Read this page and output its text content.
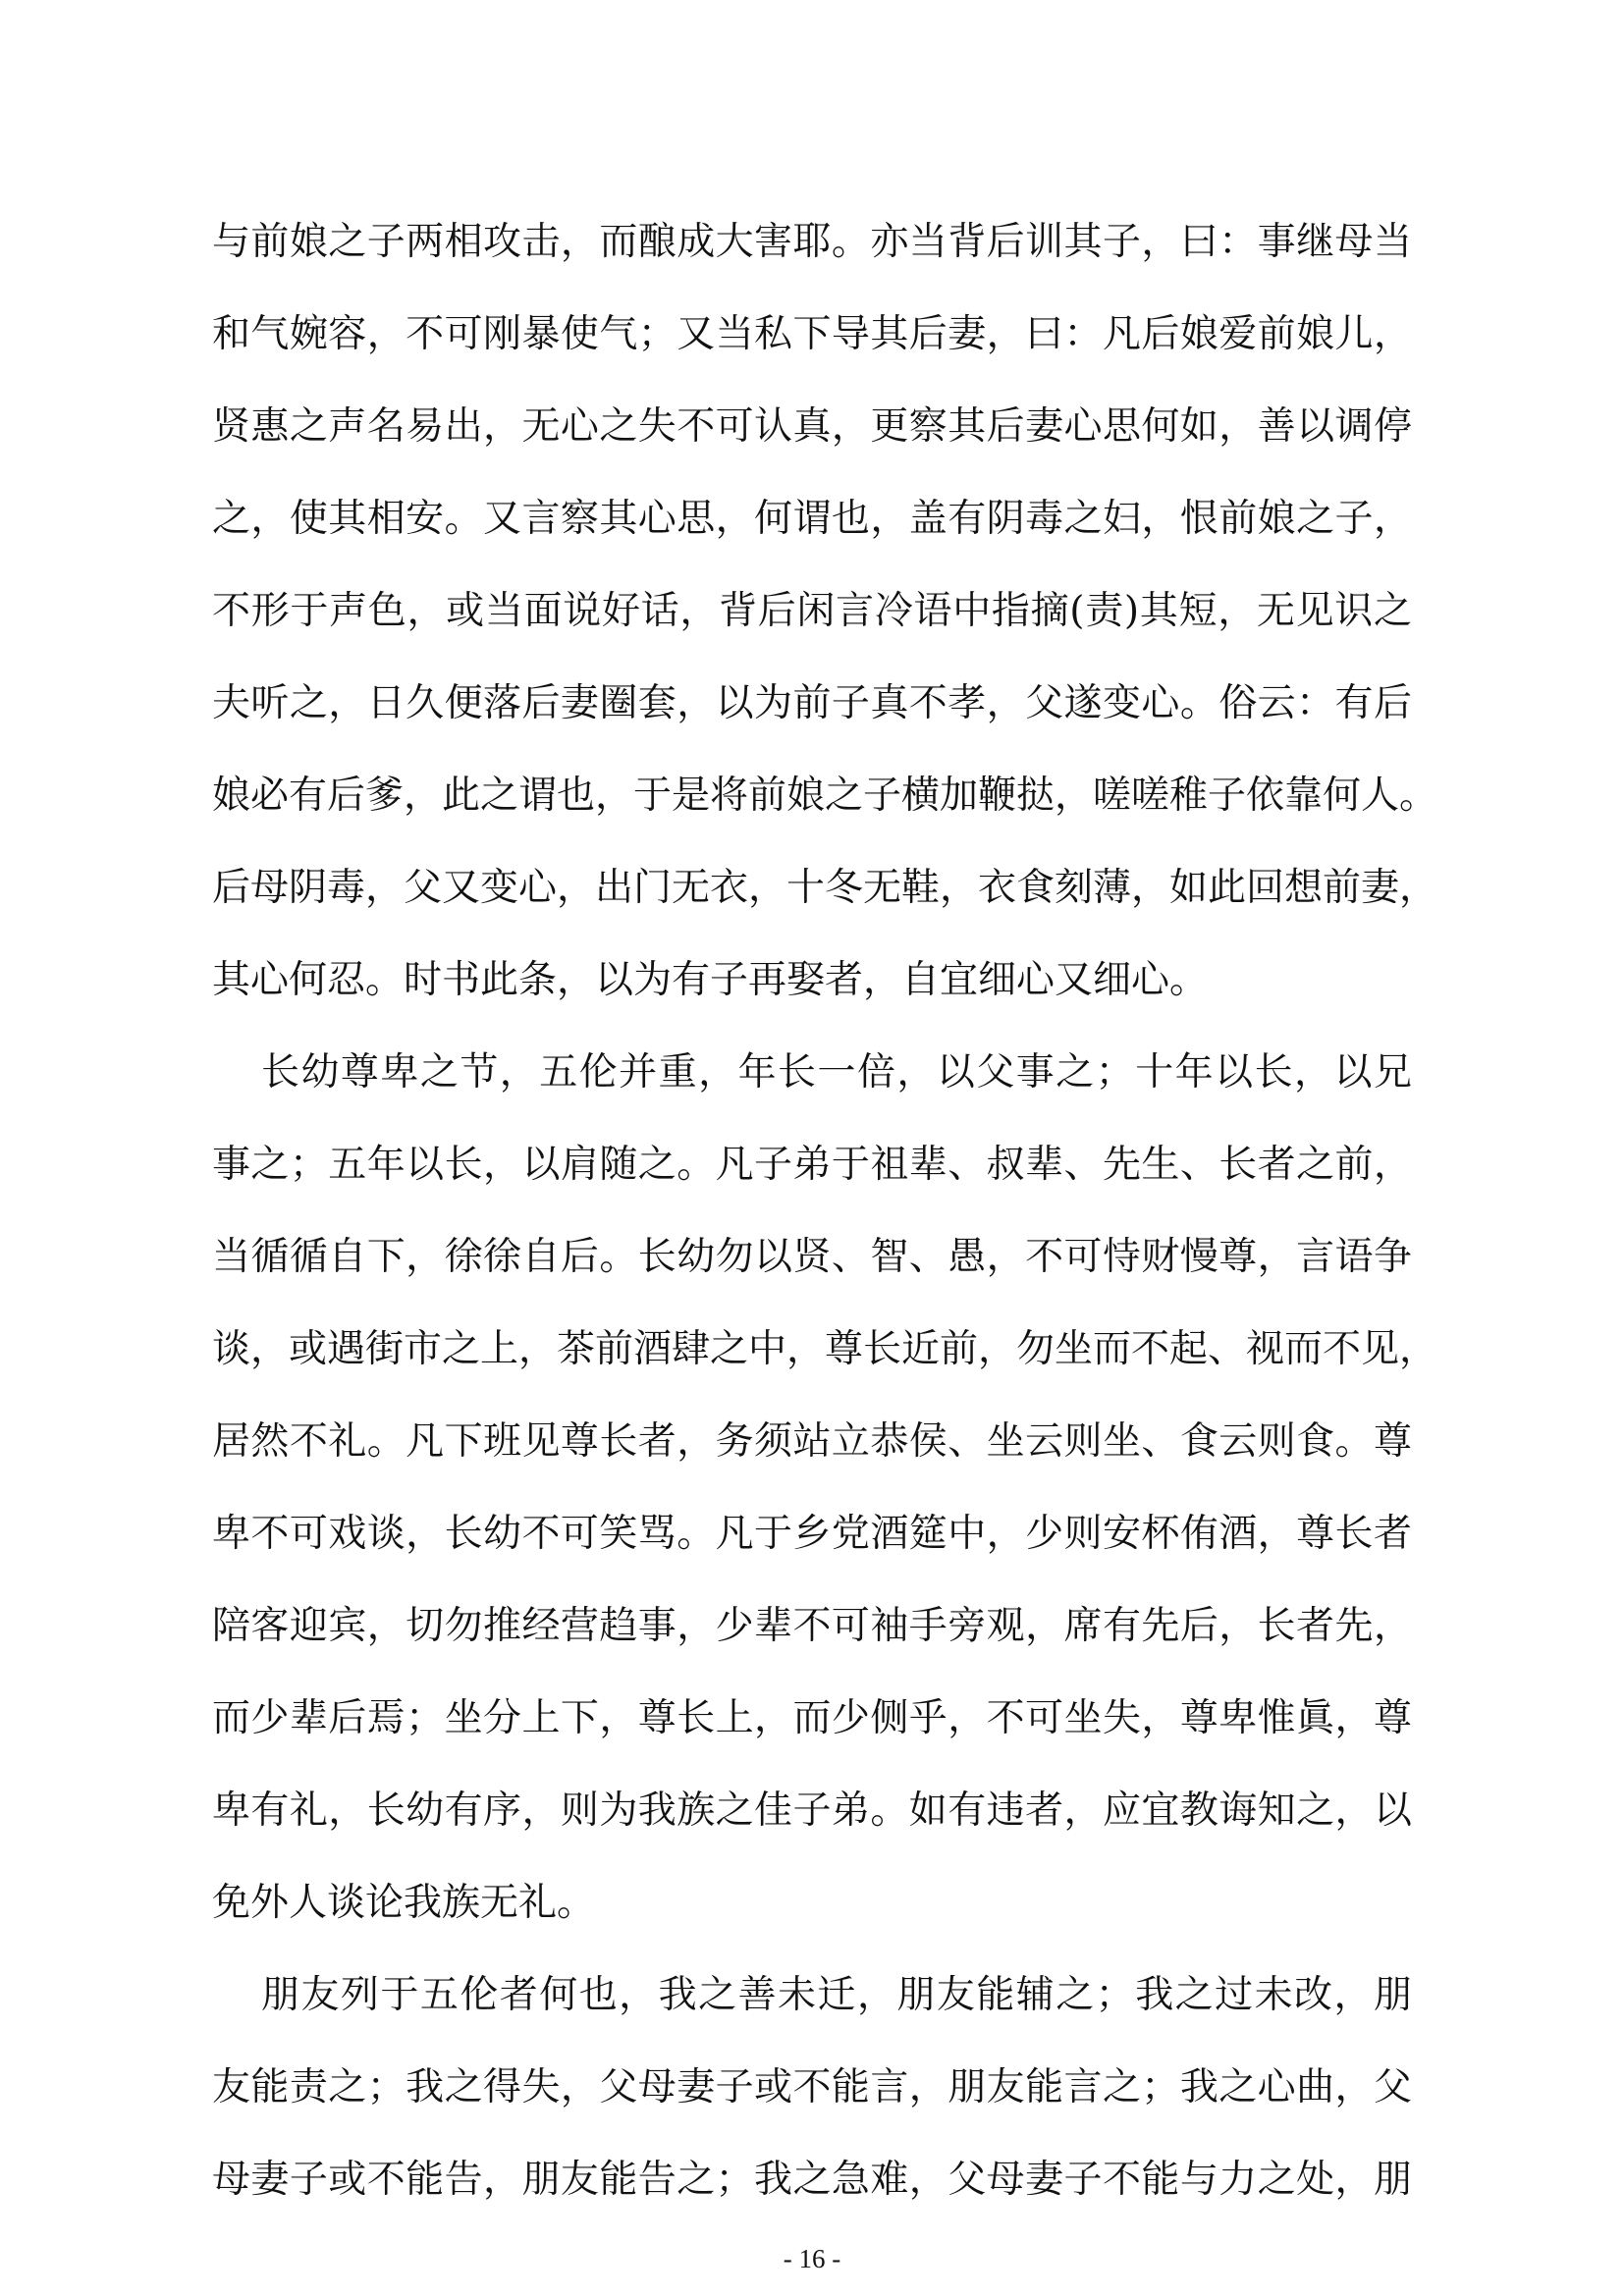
与前娘之子两相攻击，而酿成大害耶。亦当背后训其子，曰：事继母当
和气婉容，不可刚暴使气；又当私下导其后妻，曰：凡后娘爱前娘儿，
贤惠之声名易出，无心之失不可认真，更察其后妻心思何如，善以调停
之，使其相安。又言察其心思，何谓也，盖有阴毒之妇，恨前娘之子，
不形于声色，或当面说好话，背后闲言冷语中指摘(责)其短，无见识之
夫听之，日久便落后妻圈套，以为前子真不孝，父遂变心。俗云：有后
娘必有后爹，此之谓也，于是将前娘之子横加鞭挞，嗟嗟稚子依靠何人。
后母阴毒，父又变心，出门无衣，十冬无鞋，衣食刻薄，如此回想前妻，
其心何忍。时书此条，以为有子再娶者，自宜细心又细心。
长幼尊卑之节，五伦并重，年长一倍，以父事之；十年以长，以兄
事之；五年以长，以肩随之。凡子弟于祖辈、叔辈、先生、长者之前，
当循循自下，徐徐自后。长幼勿以贤、智、愚，不可恃财慢尊，言语争
谈，或遇街市之上，茶前酒肆之中，尊长近前，勿坐而不起、视而不见，
居然不礼。凡下班见尊长者，务须站立恭侯、坐云则坐、食云则食。尊
卑不可戏谈，长幼不可笑骂。凡于乡党酒筵中，少则安杯侑酒，尊长者
陪客迎宾，切勿推经营趋事，少辈不可袖手旁观，席有先后，长者先，
而少辈后焉；坐分上下，尊长上，而少侧乎，不可坐失，尊卑惟眞，尊
卑有礼，长幼有序，则为我族之佳子弟。如有违者，应宜教诲知之，以
免外人谈论我族无礼。
朋友列于五伦者何也，我之善未迁，朋友能辅之；我之过未改，朋
友能责之；我之得失，父母妻子或不能言，朋友能言之；我之心曲，父
母妻子或不能告，朋友能告之；我之急难，父母妻子不能与力之处，朋
- 16 -
